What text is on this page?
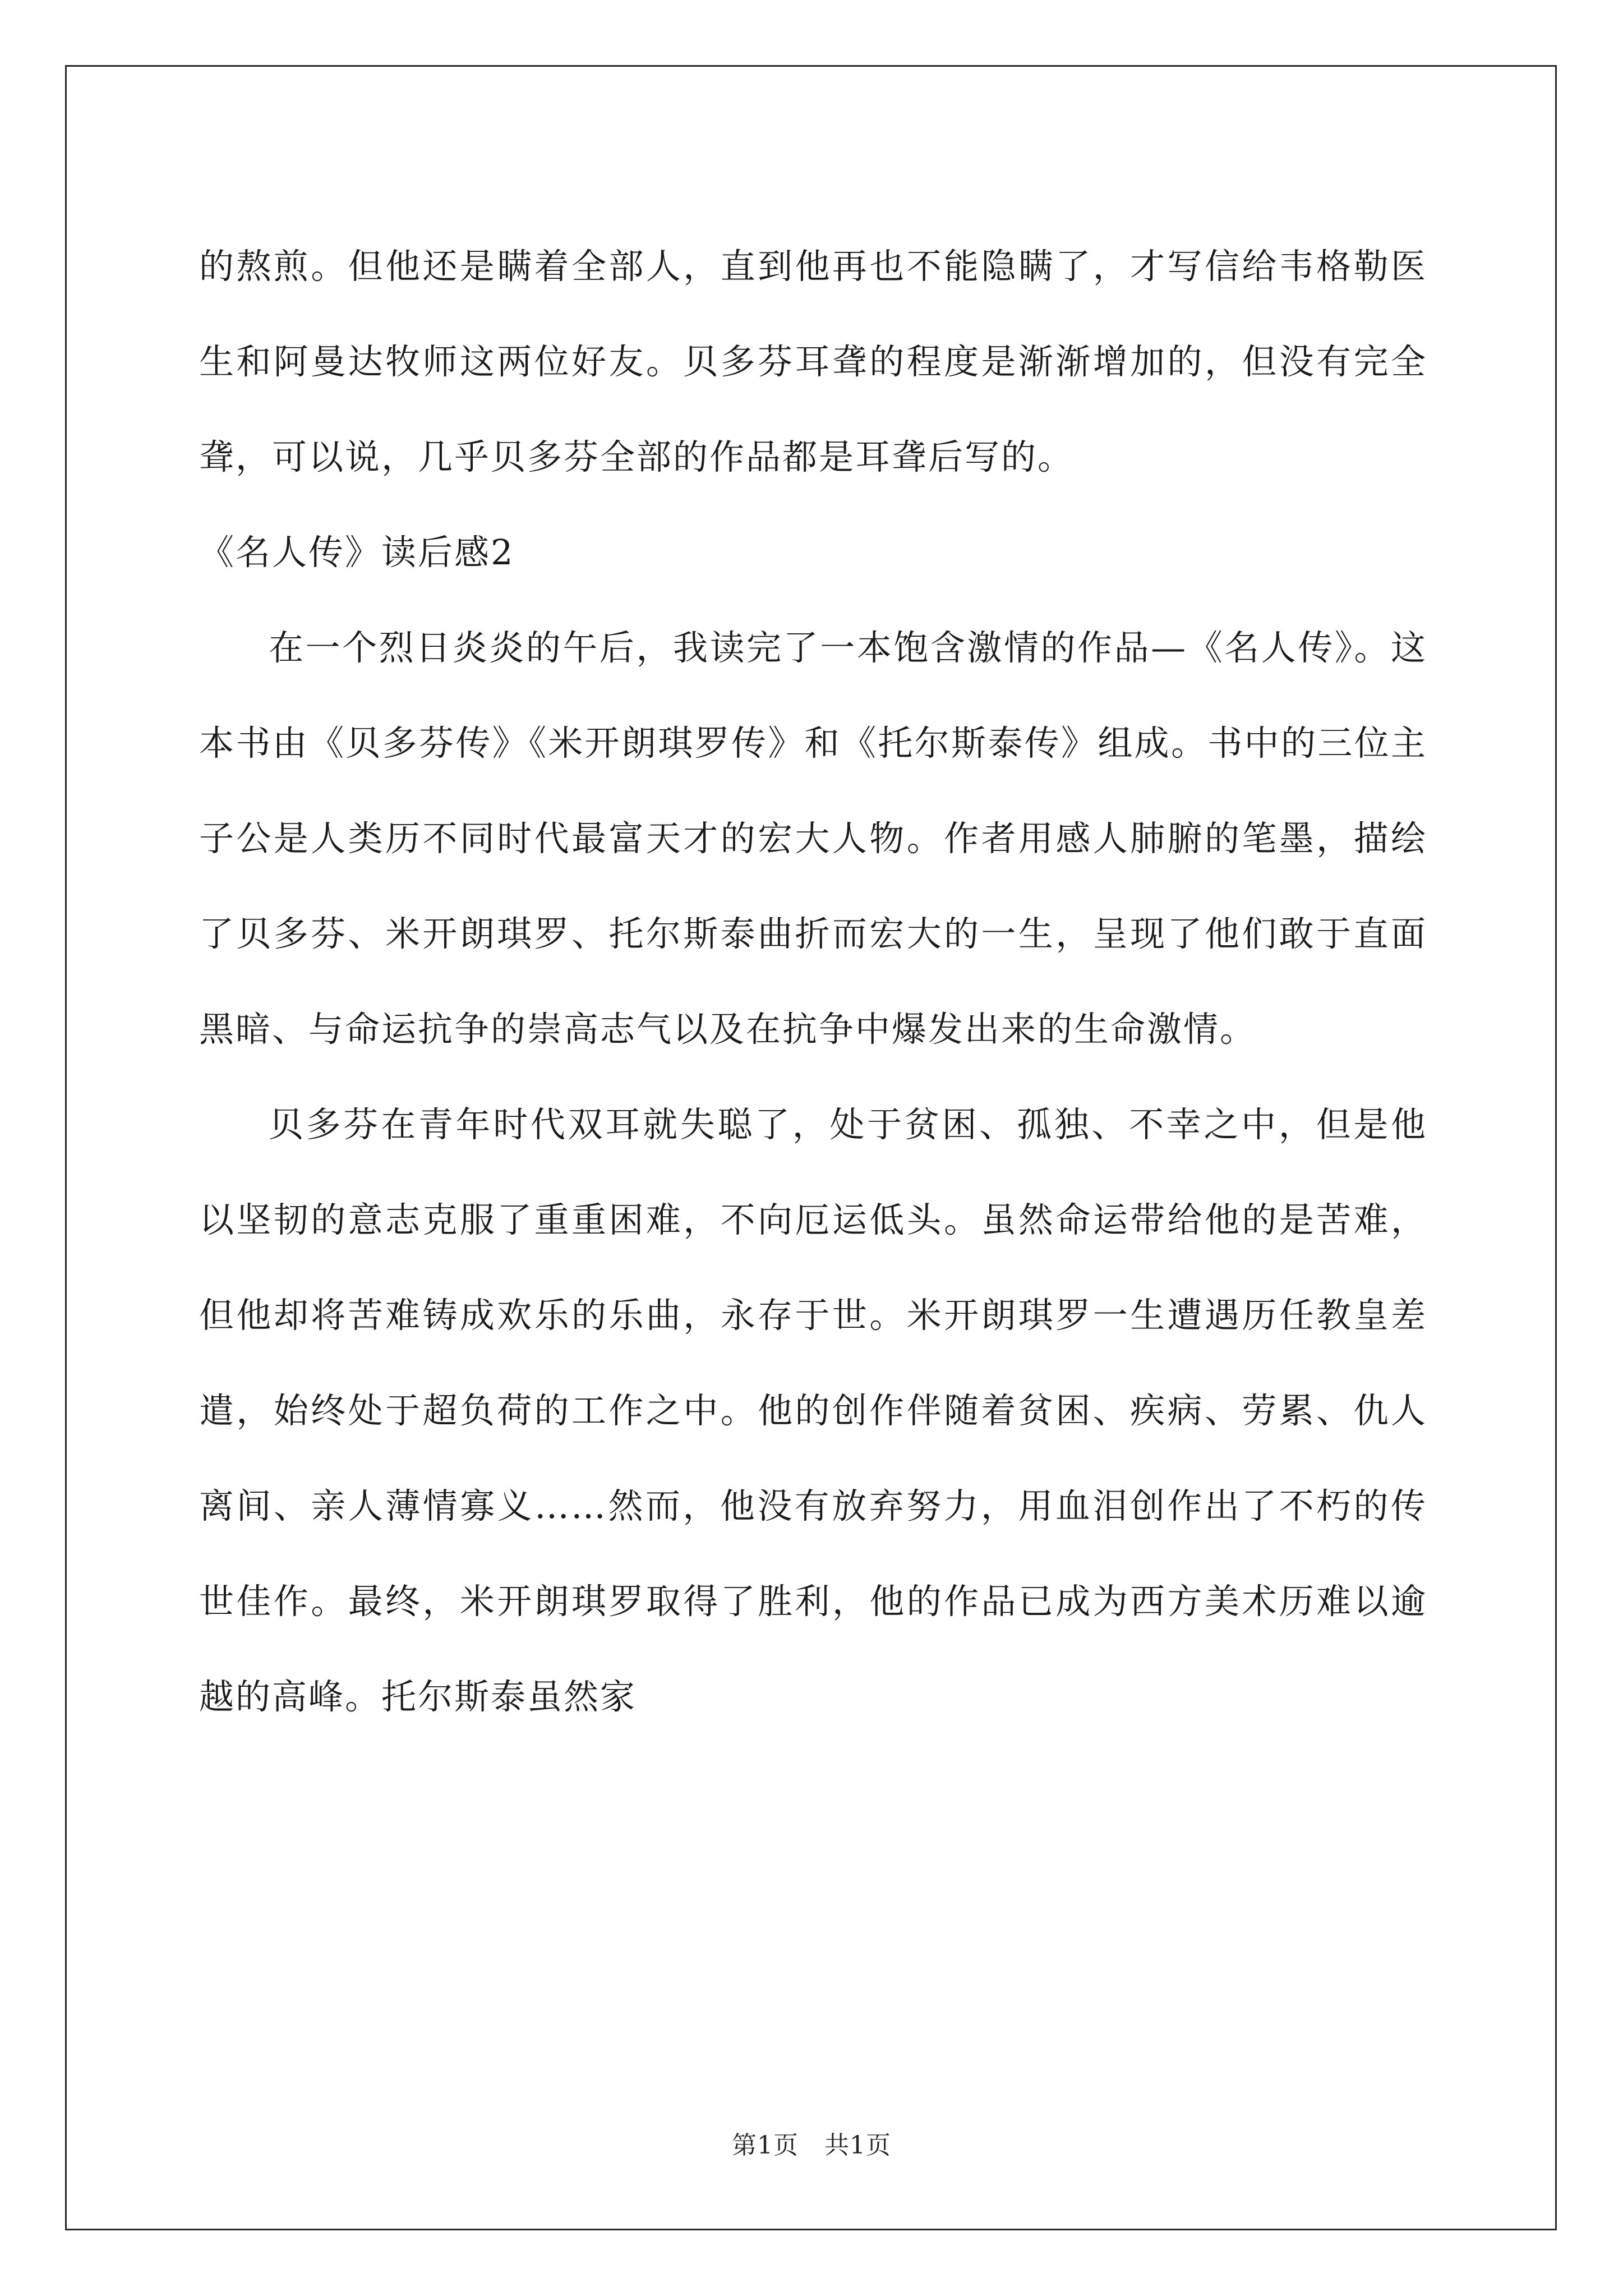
的熬煎。但他还是瞒着全部人，直到他再也不能隐瞒了，才写信给韦格勒医生和阿曼达牧师这两位好友。贝多芬耳聋的程度是渐渐增加的，但没有完全聋，可以说，几乎贝多芬全部的作品都是耳聋后写的。

《名人传》读后感2

在一个烈日炎炎的午后，我读完了一本饱含激情的作品—《名人传》。这本书由《贝多芬传》《米开朗琪罗传》和《托尔斯泰传》组成。书中的三位主子公是人类历不同时代最富天才的宏大人物。作者用感人肺腑的笔墨，描绘了贝多芬、米开朗琪罗、托尔斯泰曲折而宏大的一生，呈现了他们敢于直面黑暗、与命运抗争的崇高志气以及在抗争中爆发出来的生命激情。

贝多芬在青年时代双耳就失聪了，处于贫困、孤独、不幸之中，但是他以坚韧的意志克服了重重困难，不向厄运低头。虽然命运带给他的是苦难，但他却将苦难铸成欢乐的乐曲，永存于世。米开朗琪罗一生遭遇历任教皇差遣，始终处于超负荷的工作之中。他的创作伴随着贫困、疾病、劳累、仇人离间、亲人薄情寡义……然而，他没有放弃努力，用血泪创作出了不朽的传世佳作。最终，米开朗琪罗取得了胜利，他的作品已成为西方美术历难以逾越的高峰。托尔斯泰虽然家

第1页 共1页
